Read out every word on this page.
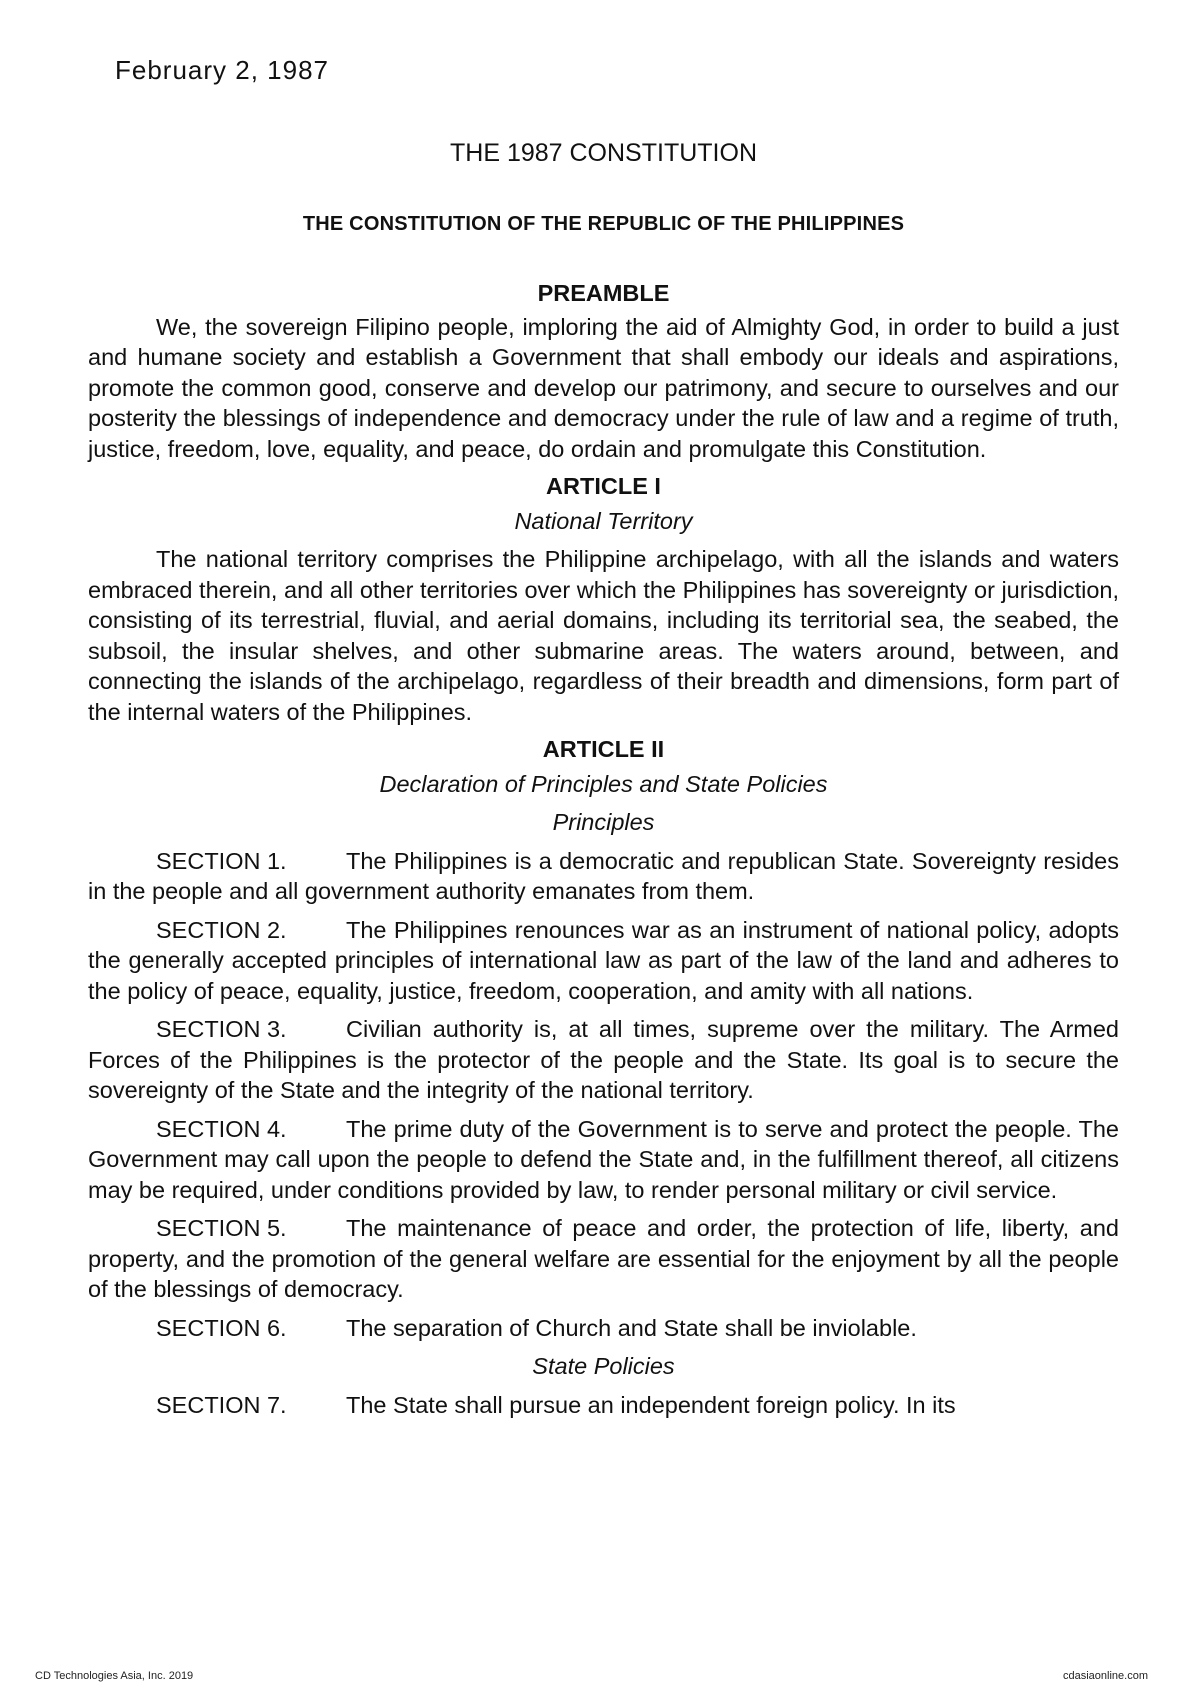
February 2, 1987
THE 1987 CONSTITUTION
THE CONSTITUTION OF THE REPUBLIC OF THE PHILIPPINES
PREAMBLE
We, the sovereign Filipino people, imploring the aid of Almighty God, in order to build a just and humane society and establish a Government that shall embody our ideals and aspirations, promote the common good, conserve and develop our patrimony, and secure to ourselves and our posterity the blessings of independence and democracy under the rule of law and a regime of truth, justice, freedom, love, equality, and peace, do ordain and promulgate this Constitution.
ARTICLE I
National Territory
The national territory comprises the Philippine archipelago, with all the islands and waters embraced therein, and all other territories over which the Philippines has sovereignty or jurisdiction, consisting of its terrestrial, fluvial, and aerial domains, including its territorial sea, the seabed, the subsoil, the insular shelves, and other submarine areas. The waters around, between, and connecting the islands of the archipelago, regardless of their breadth and dimensions, form part of the internal waters of the Philippines.
ARTICLE II
Declaration of Principles and State Policies
Principles
SECTION 1.	The Philippines is a democratic and republican State. Sovereignty resides in the people and all government authority emanates from them.
SECTION 2.	The Philippines renounces war as an instrument of national policy, adopts the generally accepted principles of international law as part of the law of the land and adheres to the policy of peace, equality, justice, freedom, cooperation, and amity with all nations.
SECTION 3.	Civilian authority is, at all times, supreme over the military. The Armed Forces of the Philippines is the protector of the people and the State. Its goal is to secure the sovereignty of the State and the integrity of the national territory.
SECTION 4.	The prime duty of the Government is to serve and protect the people. The Government may call upon the people to defend the State and, in the fulfillment thereof, all citizens may be required, under conditions provided by law, to render personal military or civil service.
SECTION 5.	The maintenance of peace and order, the protection of life, liberty, and property, and the promotion of the general welfare are essential for the enjoyment by all the people of the blessings of democracy.
SECTION 6.	The separation of Church and State shall be inviolable.
State Policies
SECTION 7.	The State shall pursue an independent foreign policy. In its
CD Technologies Asia, Inc. 2019	cdasiaonline.com
